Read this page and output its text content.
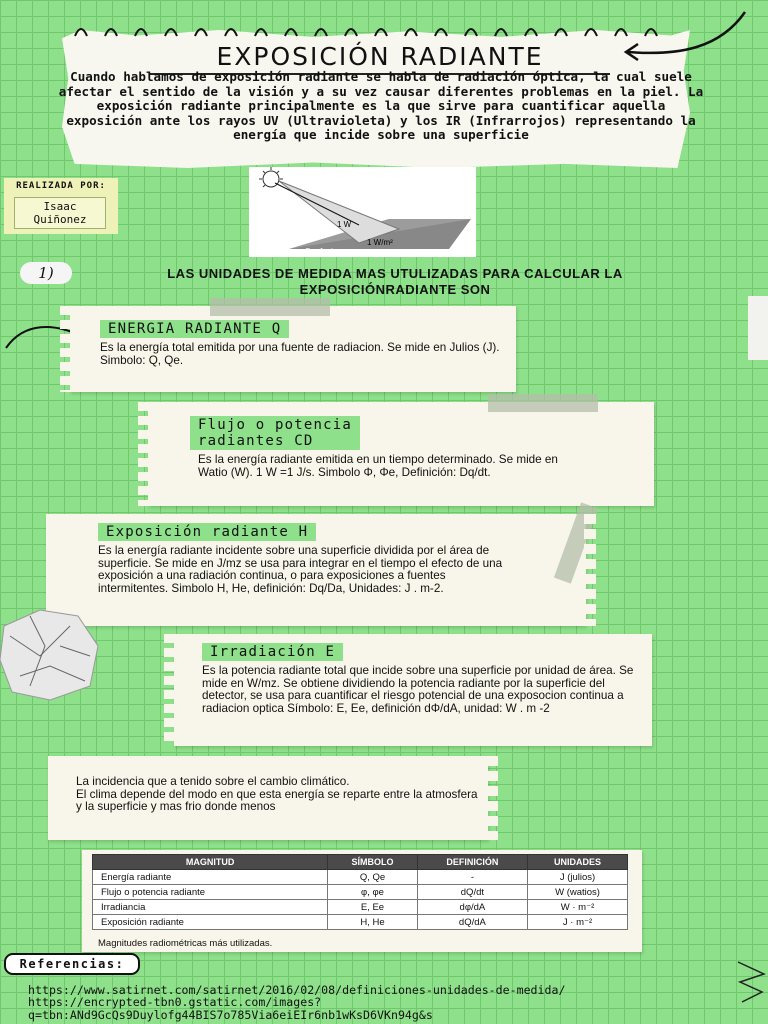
EXPOSICIÓN RADIANTE
Cuando hablamos de exposición radiante se habla de radiación óptica, la cual suele afectar el sentido de la visión y a su vez causar diferentes problemas en la piel. La exposición radiante principalmente es la que sirve para cuantificar aquella exposición ante los rayos UV (Ultravioleta) y los IR (Infrarrojos) representando la energía que incide sobre una superficie
REALIZADA POR:
Isaac
Quiñonez	1 W
1 W/m²
S = 1m²
1)	LAS UNIDADES DE MEDIDA MAS UTULIZADAS PARA CALCULAR LA
EXPOSICIÓNRADIANTE SON
ENERGIA RADIANTE Q
Es la energía total emitida por una fuente de radiacion. Se mide en Julios (J). Simbolo: Q, Qe.
Flujo o potencia
radiantes CD
Es la energía radiante emitida en un tiempo determinado. Se mide en Watio (W). 1 W =1 J/s. Simbolo Φ, Φe, Definición: Dq/dt.
Exposición radiante H
Es la energía radiante incidente sobre una superficie dividida por el área de superficie. Se mide en J/mz se usa para integrar en el tiempo el efecto de una exposición a una radiación continua, o para exposiciones a fuentes intermitentes. Simbolo H, He, definición: Dq/Da, Unidades: J . m-2.
Irradiación E
Es la potencia radiante total que incide sobre una superficie por unidad de área. Se mide en W/mz. Se obtiene dividiendo la potencia radiante por la superficie del detector, se usa para cuantificar el riesgo potencial de una exposocion continua a radiacion optica Símbolo: E, Ee, definición dΦ/dA, unidad: W . m -2
La incidencia que a tenido sobre el cambio climático.
El clima depende del modo en que esta energía se reparte entre la atmosfera y la superficie y mas frio donde menos
MAGNITUD	SÍMBOLO	DEFINICIÓN	UNIDADES
Energía radiante	Q, Qe	-	J (julios)
Flujo o potencia radiante	φ, φe	dQ/dt	W (watios)
Irradiancia	E, Ee	dφ/dA	W · m⁻²
Exposición radiante	H, He	dQ/dA	J · m⁻²
Magnitudes radiométricas más utilizadas.
Referencias:
https://www.satirnet.com/satirnet/2016/02/08/definiciones-unidades-de-medida/
https://encrypted-tbn0.gstatic.com/images?
q=tbn:ANd9GcQs9Duylofg44BIS7o785Via6eiEIr6nb1wKsD6VKn94g&s
